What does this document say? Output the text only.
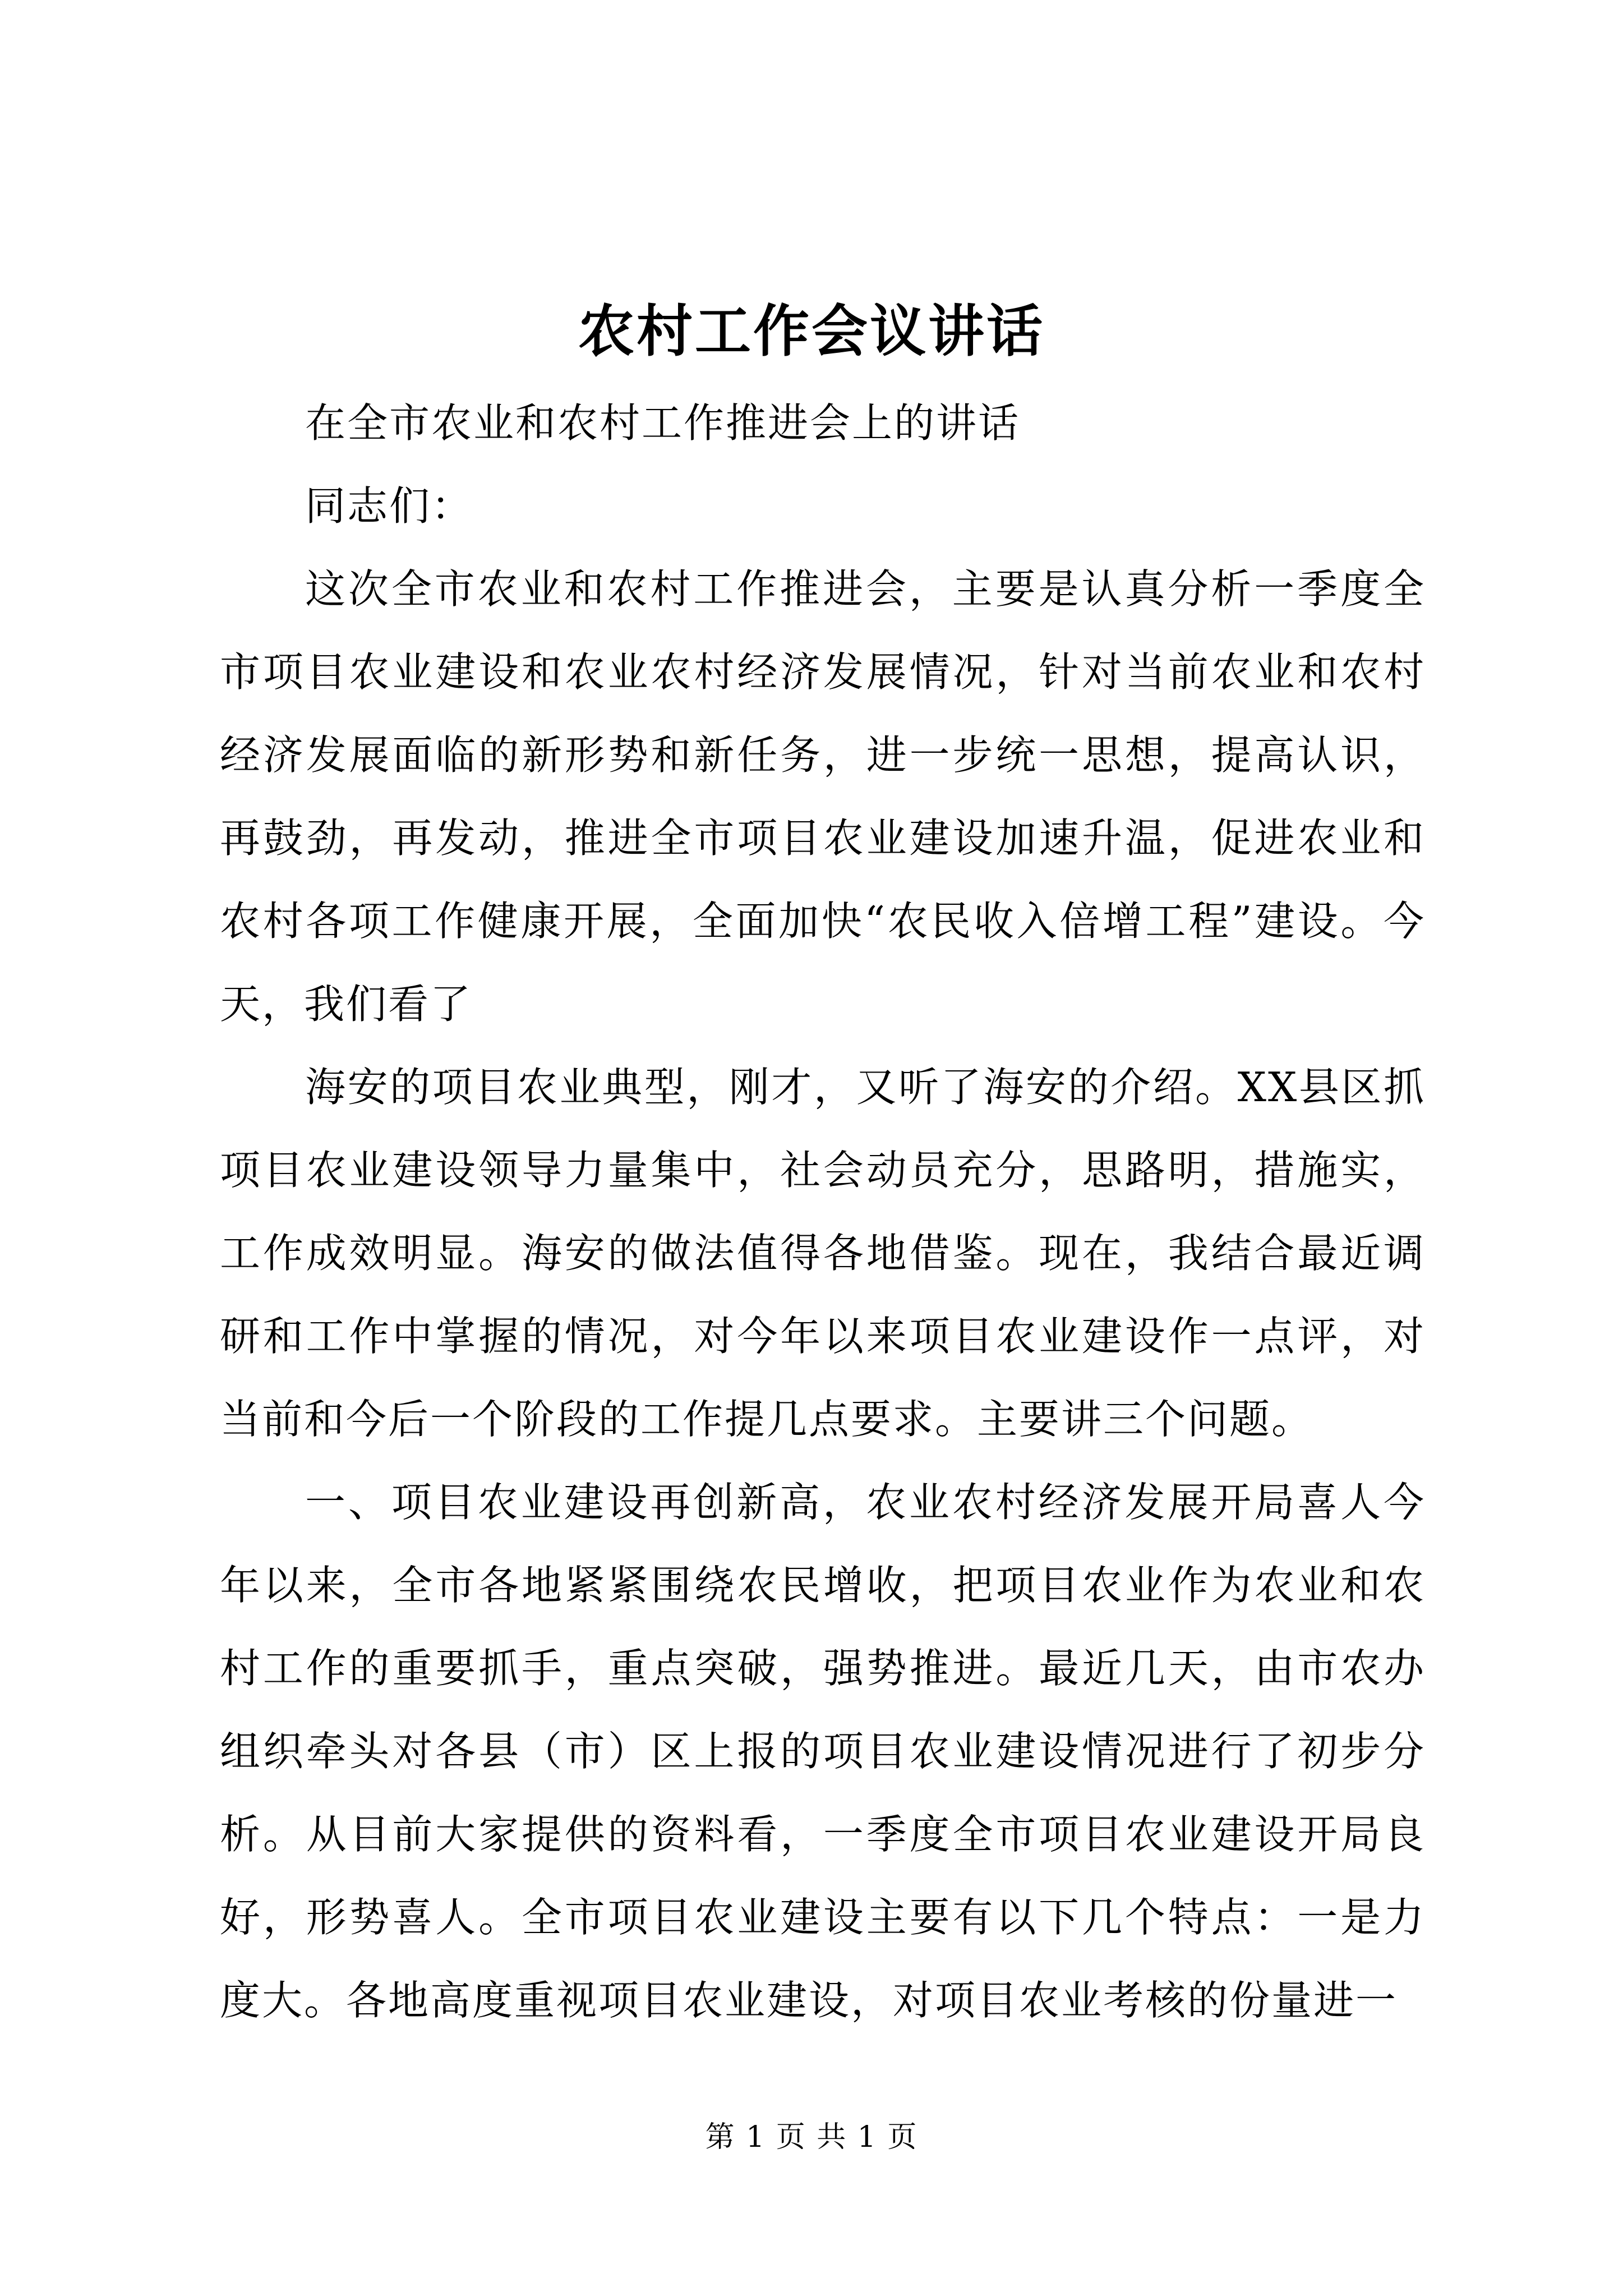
农村工作会议讲话

在全市农业和农村工作推进会上的讲话

同志们：

这次全市农业和农村工作推进会，主要是认真分析一季度全市项目农业建设和农业农村经济发展情况，针对当前农业和农村经济发展面临的新形势和新任务，进一步统一思想，提高认识，再鼓劲，再发动，推进全市项目农业建设加速升温，促进农业和农村各项工作健康开展，全面加快“农民收入倍增工程”建设。今天，我们看了

海安的项目农业典型，刚才，又听了海安的介绍。XX县区抓项目农业建设领导力量集中，社会动员充分，思路明，措施实，工作成效明显。海安的做法值得各地借鉴。现在，我结合最近调研和工作中掌握的情况，对今年以来项目农业建设作一点评，对当前和今后一个阶段的工作提几点要求。主要讲三个问题。

一、项目农业建设再创新高，农业农村经济发展开局喜人今年以来，全市各地紧紧围绕农民增收，把项目农业作为农业和农村工作的重要抓手，重点突破，强势推进。最近几天，由市农办组织牵头对各县（市）区上报的项目农业建设情况进行了初步分析。从目前大家提供的资料看，一季度全市项目农业建设开局良好，形势喜人。全市项目农业建设主要有以下几个特点：一是力度大。各地高度重视项目农业建设，对项目农业考核的份量进一

第 1 页 共 1 页
